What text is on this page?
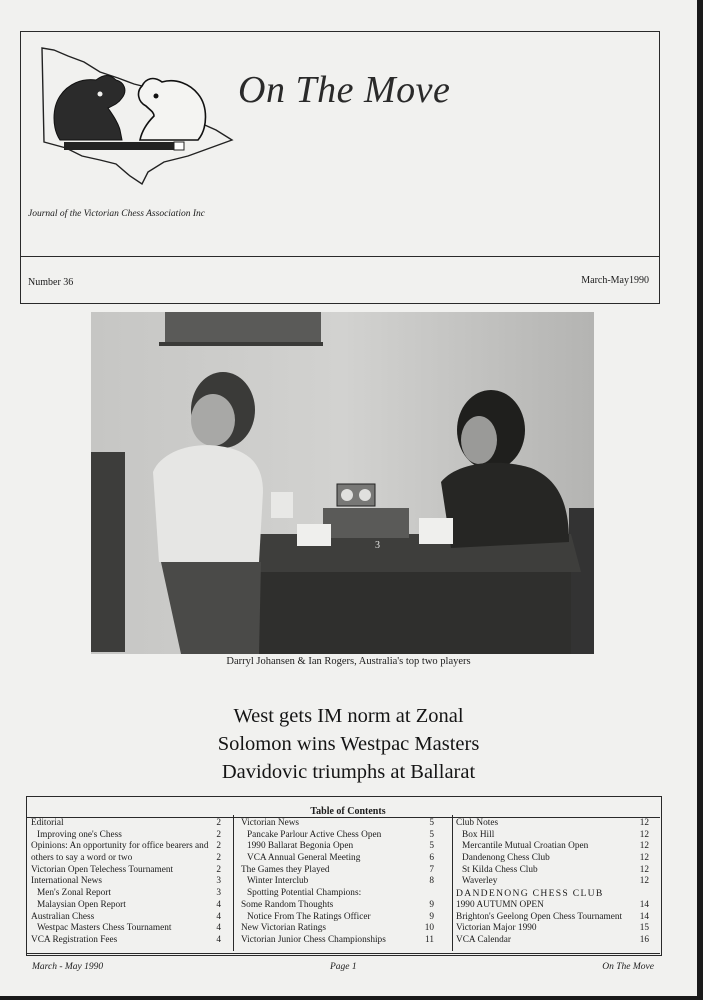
On The Move
Journal of the Victorian Chess Association Inc
Number 36	March-May1990
3
Darryl Johansen & Ian Rogers, Australia's top two players
West gets IM norm at Zonal
Solomon wins Westpac Masters
Davidovic triumphs at Ballarat
Table of Contents
Editorial	2
Improving one's Chess	2
Opinions: An opportunity for office bearers and 2
others to say a word or two	2
Victorian Open Telechess Tournament	2
International News	3
Men's Zonal Report	3
Malaysian Open Report	4
Australian Chess	4
Westpac Masters Chess Tournament	4
VCA Registration Fees	4
Victorian News	5
Pancake Parlour Active Chess Open	5
1990 Ballarat Begonia Open	5
VCA Annual General Meeting	6
The Games they Played	7
Winter Interclub	8
Spotting Potential Champions:
Some Random Thoughts	9
Notice From The Ratings Officer	9
New Victorian Ratings	10
Victorian Junior Chess Championships	11
Club Notes	12
Box Hill	12
Mercantile Mutual Croatian Open	12
Dandenong Chess Club	12
St Kilda Chess Club	12
Waverley	12
DANDENONG CHESS CLUB
1990 AUTUMN OPEN	14
Brighton's Geelong Open Chess Tournament 14
Victorian Major 1990	15
VCA Calendar	16
March - May 1990	Page 1	On The Move
